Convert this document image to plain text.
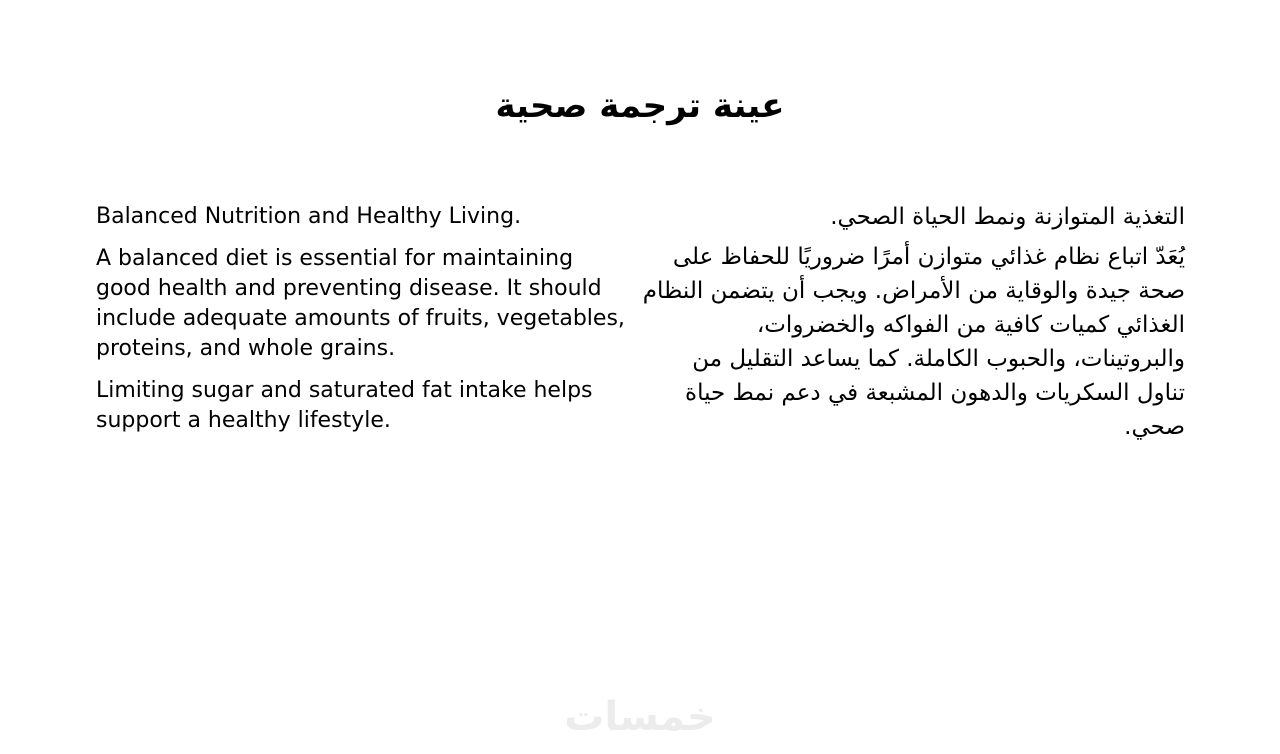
عينة ترجمة صحية

Balanced Nutrition and Healthy Living.

A balanced diet is essential for maintaining good health and preventing disease. It should include adequate amounts of fruits, vegetables, proteins, and whole grains.

Limiting sugar and saturated fat intake helps support a healthy lifestyle.

التغذية المتوازنة ونمط الحياة الصحي.

يُعَدّ اتباع نظام غذائي متوازن أمرًا ضروريًا للحفاظ على صحة جيدة والوقاية من الأمراض. ويجب أن يتضمن النظام الغذائي كميات كافية من الفواكه والخضروات، والبروتينات، والحبوب الكاملة. كما يساعد التقليل من تناول السكريات والدهون المشبعة في دعم نمط حياة صحي.

خمسات
